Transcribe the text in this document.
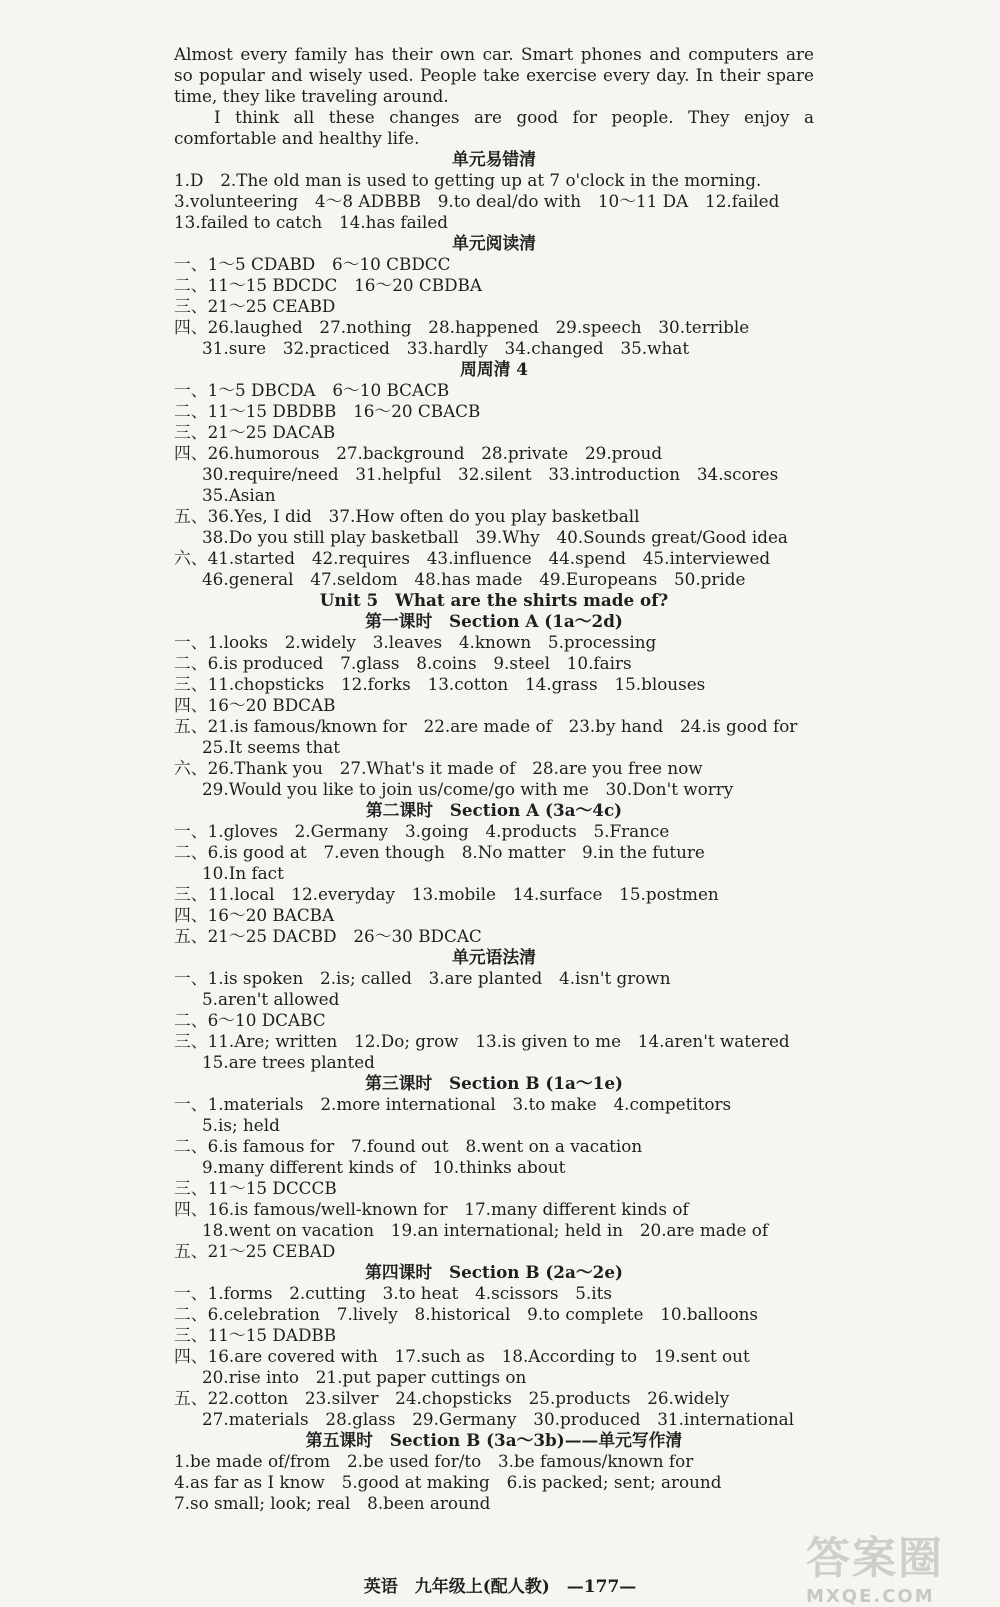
Almost every family has their own car. Smart phones and computers are so popular and wisely used. People take exercise every day. In their spare time, they like traveling around.

I think all these changes are good for people. They enjoy a comfortable and healthy life.

单元易错清
1.D　2.The old man is used to getting up at 7 o'clock in the morning.
3.volunteering　4～8 ADBBB　9.to deal/do with　10～11 DA　12.failed
13.failed to catch　14.has failed
单元阅读清
一、1～5 CDABD　6～10 CBDCC
二、11～15 BDCDC　16～20 CBDBA
三、21～25 CEABD
四、26.laughed　27.nothing　28.happened　29.speech　30.terrible
31.sure　32.practiced　33.hardly　34.changed　35.what
周周清 4
一、1～5 DBCDA　6～10 BCACB
二、11～15 DBDBB　16～20 CBACB
三、21～25 DACAB
四、26.humorous　27.background　28.private　29.proud
30.require/need　31.helpful　32.silent　33.introduction　34.scores
35.Asian
五、36.Yes, I did　37.How often do you play basketball
38.Do you still play basketball　39.Why　40.Sounds great/Good idea
六、41.started　42.requires　43.influence　44.spend　45.interviewed
46.general　47.seldom　48.has made　49.Europeans　50.pride
Unit 5　What are the shirts made of?
第一课时　Section A (1a～2d)
一、1.looks　2.widely　3.leaves　4.known　5.processing
二、6.is produced　7.glass　8.coins　9.steel　10.fairs
三、11.chopsticks　12.forks　13.cotton　14.grass　15.blouses
四、16～20 BDCAB
五、21.is famous/known for　22.are made of　23.by hand　24.is good for
25.It seems that
六、26.Thank you　27.What's it made of　28.are you free now
29.Would you like to join us/come/go with me　30.Don't worry
第二课时　Section A (3a～4c)
一、1.gloves　2.Germany　3.going　4.products　5.France
二、6.is good at　7.even though　8.No matter　9.in the future
10.In fact
三、11.local　12.everyday　13.mobile　14.surface　15.postmen
四、16～20 BACBA
五、21～25 DACBD　26～30 BDCAC
单元语法清
一、1.is spoken　2.is; called　3.are planted　4.isn't grown
5.aren't allowed
二、6～10 DCABC
三、11.Are; written　12.Do; grow　13.is given to me　14.aren't watered
15.are trees planted
第三课时　Section B (1a～1e)
一、1.materials　2.more international　3.to make　4.competitors
5.is; held
二、6.is famous for　7.found out　8.went on a vacation
9.many different kinds of　10.thinks about
三、11～15 DCCCB
四、16.is famous/well-known for　17.many different kinds of
18.went on vacation　19.an international; held in　20.are made of
五、21～25 CEBAD
第四课时　Section B (2a～2e)
一、1.forms　2.cutting　3.to heat　4.scissors　5.its
二、6.celebration　7.lively　8.historical　9.to complete　10.balloons
三、11～15 DADBB
四、16.are covered with　17.such as　18.According to　19.sent out
20.rise into　21.put paper cuttings on
五、22.cotton　23.silver　24.chopsticks　25.products　26.widely
27.materials　28.glass　29.Germany　30.produced　31.international
第五课时　Section B (3a～3b)——单元写作清
1.be made of/from　2.be used for/to　3.be famous/known for
4.as far as I know　5.good at making　6.is packed; sent; around
7.so small; look; real　8.been around
英语　九年级上(配人教)　—177—
答案圈
MXQE.COM
